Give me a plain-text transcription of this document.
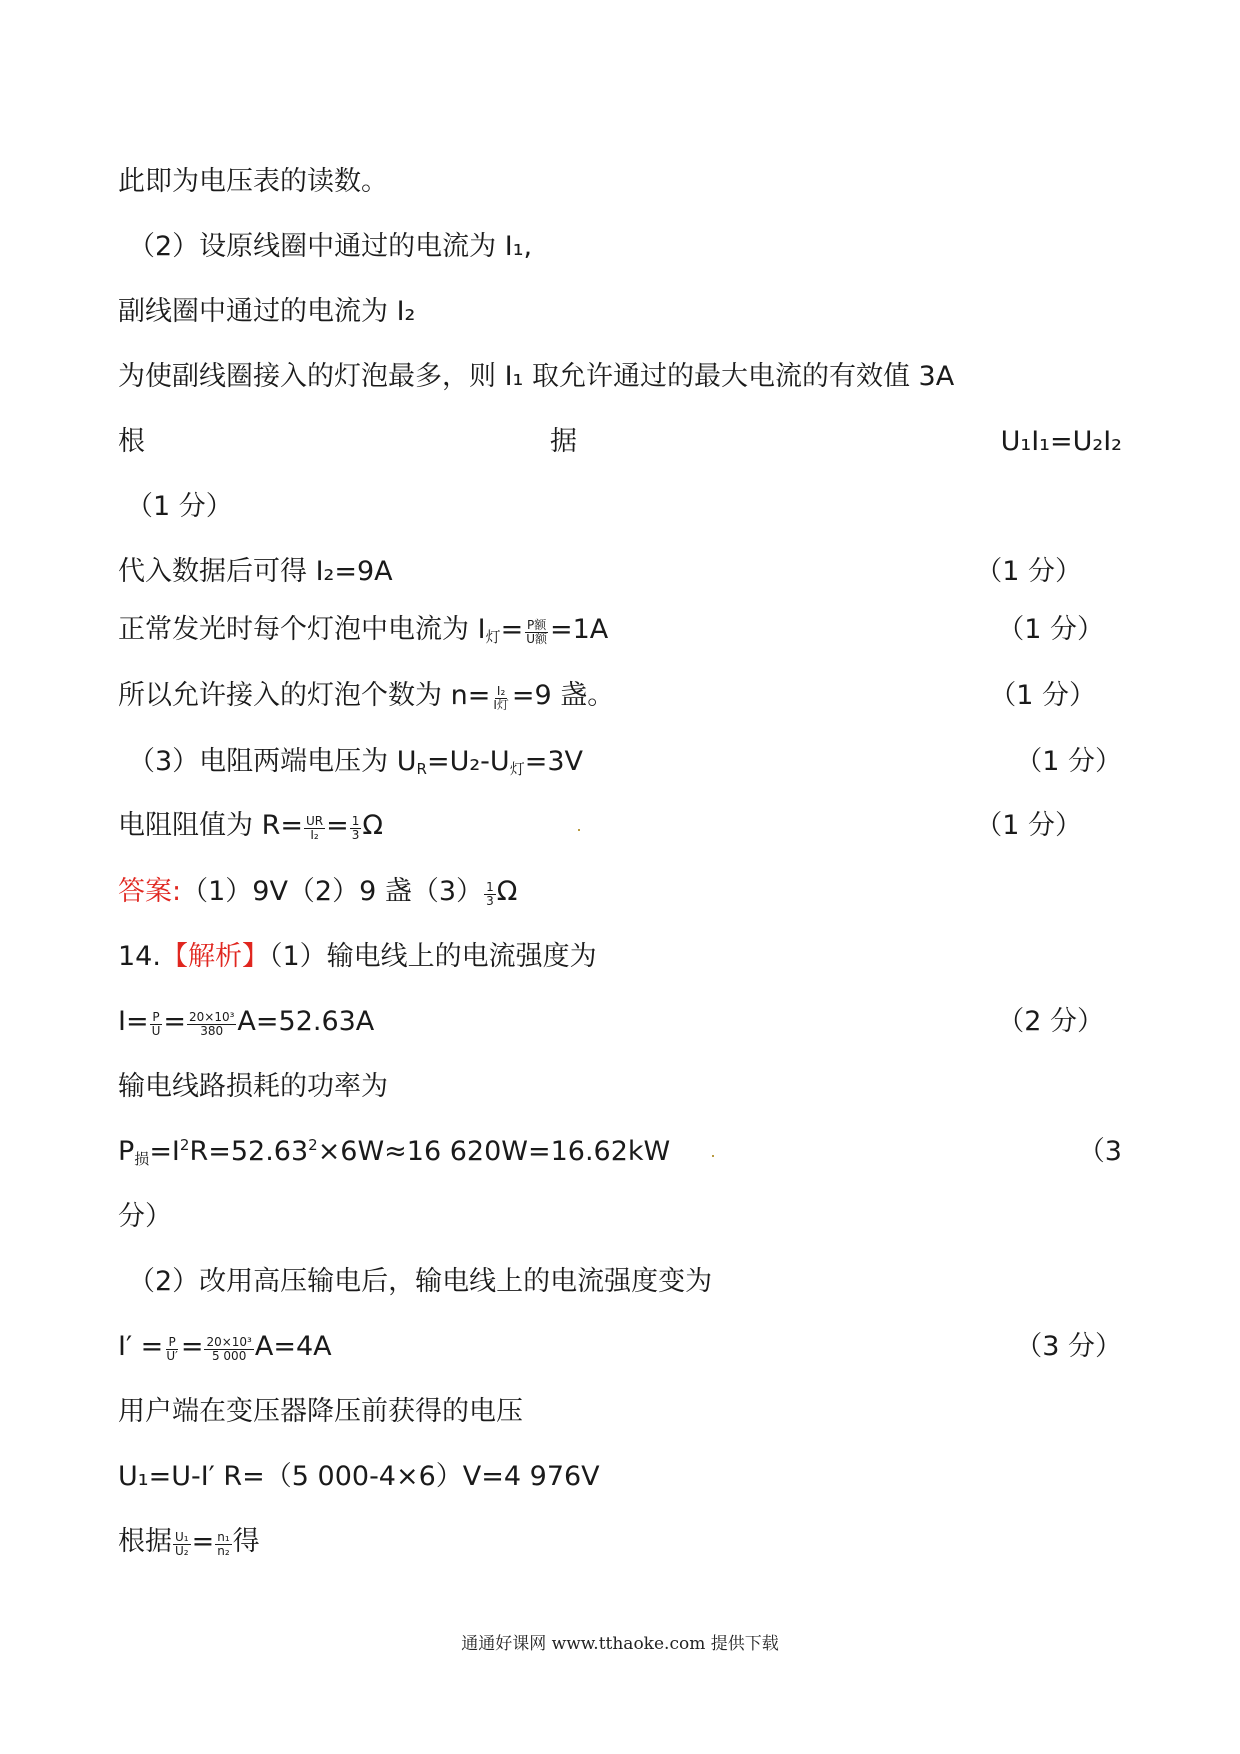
此即为电压表的读数。
（2）设原线圈中通过的电流为 I₁,
副线圈中通过的电流为 I₂
为使副线圈接入的灯泡最多，则 I₁ 取允许通过的最大电流的有效值 3A
根	据	U₁I₁=U₂I₂
（1 分）
代入数据后可得 I₂=9A	（1 分）
正常发光时每个灯泡中电流为 $I_灯= \frac{\text{P额}}{\text{U额}} =1A$	（1 分）
所以允许接入的灯泡个数为 $n= \frac{\text{I₂}}{\text{I灯}} =9$ 盏。	（1 分）
（3）电阻两端电压为 $U_R=U_2-U_灯=3V$	（1 分）
电阻阻值为 $R= \frac{UR}{\text{I₂}} = \frac{1}{3}$ Ω	（1 分）
答案:（1）9V（2）9 盏$(3) \frac{1}{3}$ Ω
14.【解析】（1）输电线上的电流强度为
$I= \frac{P}{U} = \frac{\text{20×10³}}{380} A=52.63A$	（2 分）
输电线路损耗的功率为
$P_损=I^2R=52.63^2\times 6W\approx 16$ 620W=16.62kW	（3
分）
（2）改用高压输电后，输电线上的电流强度变为
$I' = \frac{P}{U'} = \frac{\text{20×10³}}{5 000} A=4A$	（3 分）
用户端在变压器降压前获得的电压
U₁=U-I′ R=（5 000-4×6）V=4 976V
根据 $\frac{\text{U₁}}{\text{U₂}} = \frac{\text{n₁}}{\text{n₂}}$ 得
通通好课网 www.tthaoke.com 提供下载
